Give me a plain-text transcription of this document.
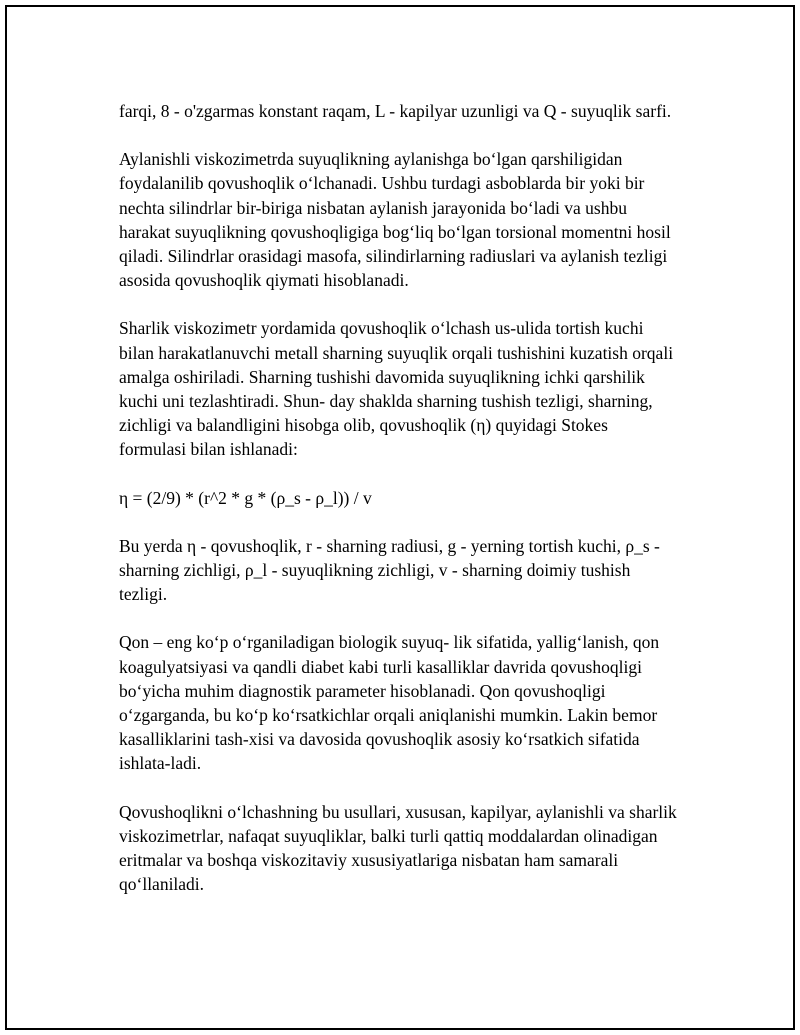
farqi, 8 - o'zgarmas konstant raqam, L - kapilyar uzunligi va Q - suyuqlik sarfi.

Aylanishli viskozimetrda suyuqlikning aylanishga bo‘lgan qarshiligidan foydalanilib qovushoqlik o‘lchanadi. Ushbu turdagi asboblarda bir yoki bir nechta silindrlar bir-biriga nisbatan aylanish jarayonida bo‘ladi va ushbu harakat suyuqlikning qovushoqligiga bog‘liq bo‘lgan torsional momentni hosil qiladi. Silindrlar orasidagi masofa, silindirlarning radiuslari va aylanish tezligi asosida qovushoqlik qiymati hisoblanadi.

Sharlik viskozimetr yordamida qovushoqlik o‘lchash us-ulida tortish kuchi bilan harakatlanuvchi metall sharning suyuqlik orqali tushishini kuzatish orqali amalga oshiriladi. Sharning tushishi davomida suyuqlikning ichki qarshilik kuchi uni tezlashtiradi. Shun- day shaklda sharning tushish tezligi, sharning, zichligi va balandligini hisobga olib, qovushoqlik (η) quyidagi Stokes formulasi bilan ishlanadi:

η = (2/9) * (r^2 * g * (ρ_s - ρ_l)) / v

Bu yerda η - qovushoqlik, r - sharning radiusi, g - yerning tortish kuchi, ρ_s - sharning zichligi, ρ_l - suyuqlikning zichligi, v - sharning doimiy tushish tezligi.

Qon – eng ko‘p o‘rganiladigan biologik suyuq- lik sifatida, yallig‘lanish, qon koagulyatsiyasi va qandli diabet kabi turli kasalliklar davrida qovushoqligi bo‘yicha muhim diagnostik parameter hisoblanadi. Qon qovushoqligi o‘zgarganda, bu ko‘p ko‘rsatkichlar orqali aniqlanishi mumkin. Lakin bemor kasalliklarini tash-xisi va davosida qovushoqlik asosiy ko‘rsatkich sifatida ishlata-ladi.

Qovushoqlikni o‘lchashning bu usullari, xususan, kapilyar, aylanishli va sharlik viskozimetrlar, nafaqat suyuqliklar, balki turli qattiq moddalardan olinadigan eritmalar va boshqa viskozitaviy xususiyatlariga nisbatan ham samarali qo‘llaniladi.
